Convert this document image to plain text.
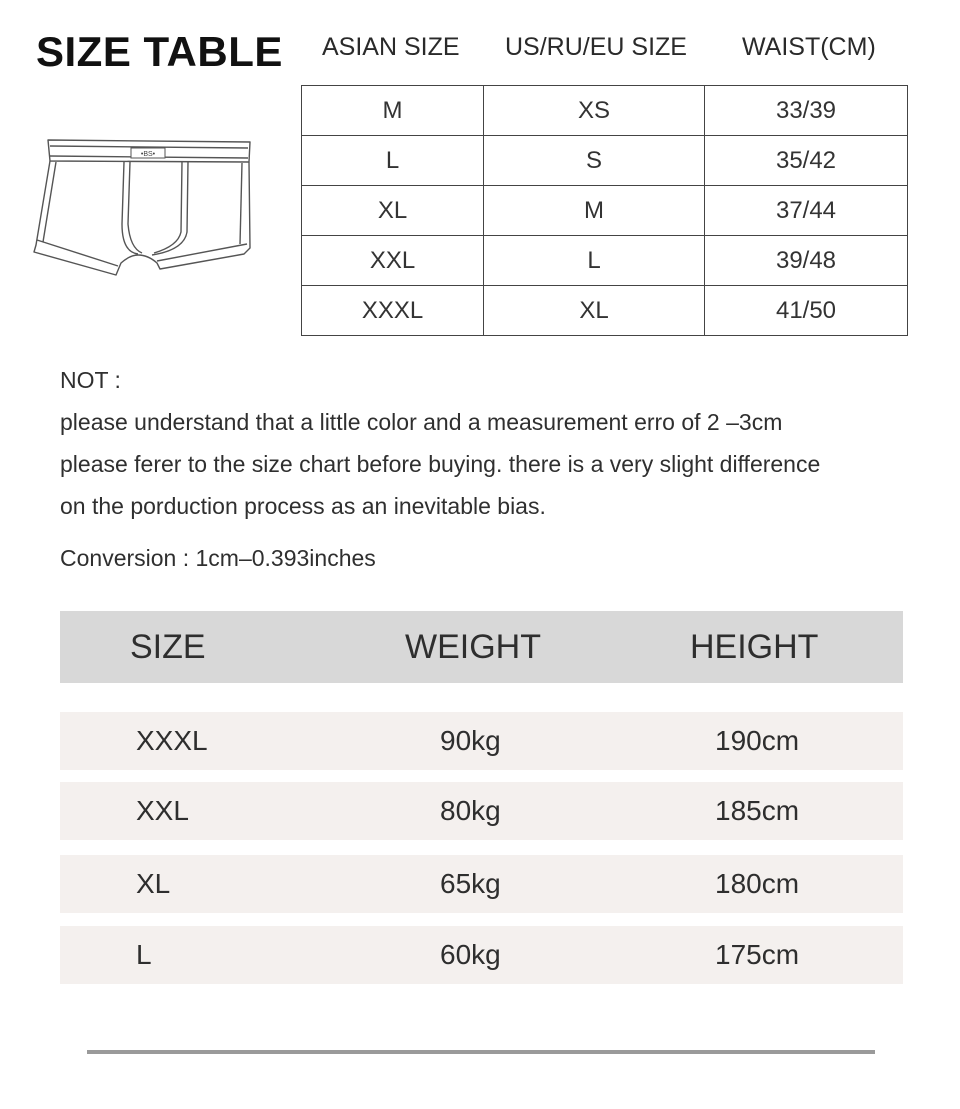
SIZE TABLE ASIAN SIZE US/RU/EU SIZE WAIST(CM)
•BS•
M	XS	33/39
L	S	35/42
XL	M	37/44
XXL	L	39/48
XXXL	XL	41/50
NOT :
please understand that a little color and a measurement erro of 2 –3cm
please ferer to the size chart before buying. there is a very slight difference
on the porduction process as an inevitable bias.
Conversion : 1cm–0.393inches
SIZE	WEIGHT	HEIGHT
XXXL	90kg	190cm
XXL	80kg	185cm
XL	65kg	180cm
L	60kg	175cm
